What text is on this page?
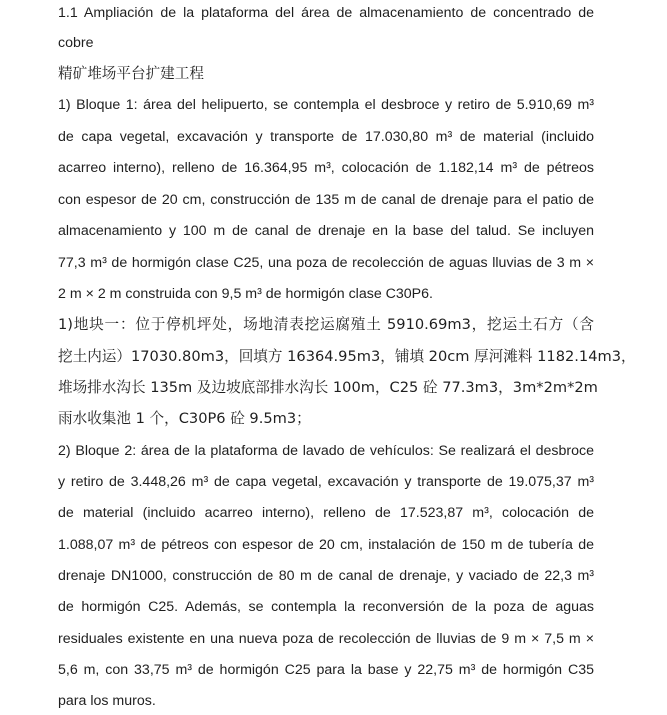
1.1 Ampliación de la plataforma del área de almacenamiento de concentrado de
cobre
精矿堆场平台扩建工程
1) Bloque 1: área del helipuerto, se contempla el desbroce y retiro de 5.910,69 m³
de capa vegetal, excavación y transporte de 17.030,80 m³ de material (incluido
acarreo interno), relleno de 16.364,95 m³, colocación de 1.182,14 m³ de pétreos
con espesor de 20 cm, construcción de 135 m de canal de drenaje para el patio de
almacenamiento y 100 m de canal de drenaje en la base del talud. Se incluyen
77,3 m³ de hormigón clase C25, una poza de recolección de aguas lluvias de 3 m ×
2 m × 2 m construida con 9,5 m³ de hormigón clase C30P6.
1)地块一：位于停机坪处，场地清表挖运腐殖土 5910.69m3，挖运土石方（含
挖土内运）17030.80m3，回填方 16364.95m3，铺填 20cm 厚河滩料 1182.14m3，
堆场排水沟长 135m 及边坡底部排水沟长 100m，C25 砼 77.3m3，3m*2m*2m
雨水收集池 1 个，C30P6 砼 9.5m3；
2) Bloque 2: área de la plataforma de lavado de vehículos: Se realizará el desbroce
y retiro de 3.448,26 m³ de capa vegetal, excavación y transporte de 19.075,37 m³
de material (incluido acarreo interno), relleno de 17.523,87 m³, colocación de
1.088,07 m³ de pétreos con espesor de 20 cm, instalación de 150 m de tubería de
drenaje DN1000, construcción de 80 m de canal de drenaje, y vaciado de 22,3 m³
de hormigón C25. Además, se contempla la reconversión de la poza de aguas
residuales existente en una nueva poza de recolección de lluvias de 9 m × 7,5 m ×
5,6 m, con 33,75 m³ de hormigón C25 para la base y 22,75 m³ de hormigón C35
para los muros.
